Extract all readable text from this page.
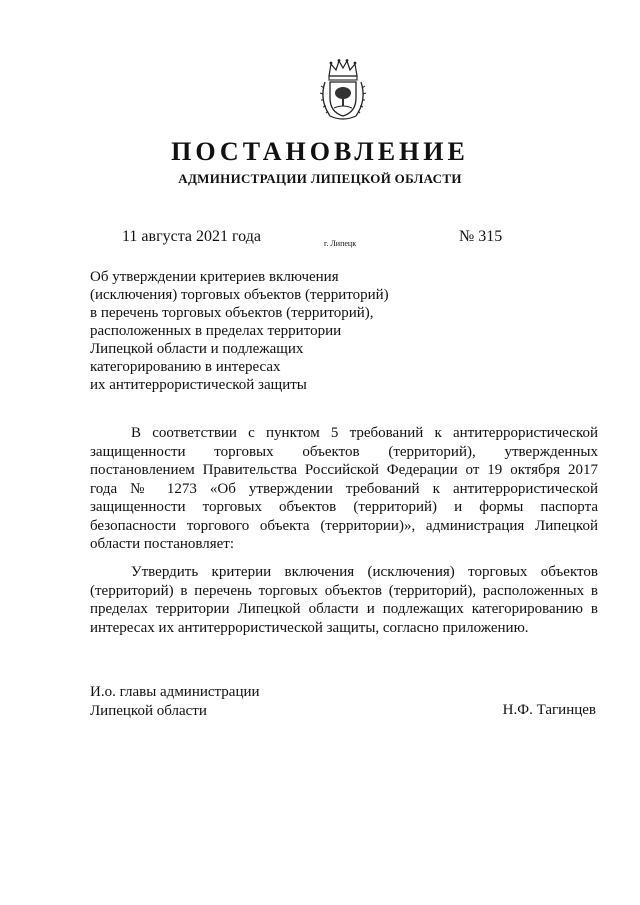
ПОСТАНОВЛЕНИЕ
АДМИНИСТРАЦИИ ЛИПЕЦКОЙ ОБЛАСТИ
11 августа 2021 года	г. Липецк	№ 315
Об утверждении критериев включения
(исключения) торговых объектов (территорий)
в перечень торговых объектов (территорий),
расположенных в пределах территории
Липецкой области и подлежащих
категорированию в интересах
их антитеррористической защиты
В соответствии с пунктом 5 требований к антитеррористической защищенности торговых объектов (территорий), утвержденных постановлением Правительства Российской Федерации от 19 октября 2017 года № 1273 «Об утверждении требований к антитеррористической защищенности торговых объектов (территорий) и формы паспорта безопасности торгового объекта (территории)», администрация Липецкой области постановляет:
Утвердить критерии включения (исключения) торговых объектов (территорий) в перечень торговых объектов (территорий), расположенных в пределах территории Липецкой области и подлежащих категорированию в интересах их антитеррористической защиты, согласно приложению.
И.о. главы администрации
Липецкой области	Н.Ф. Тагинцев
